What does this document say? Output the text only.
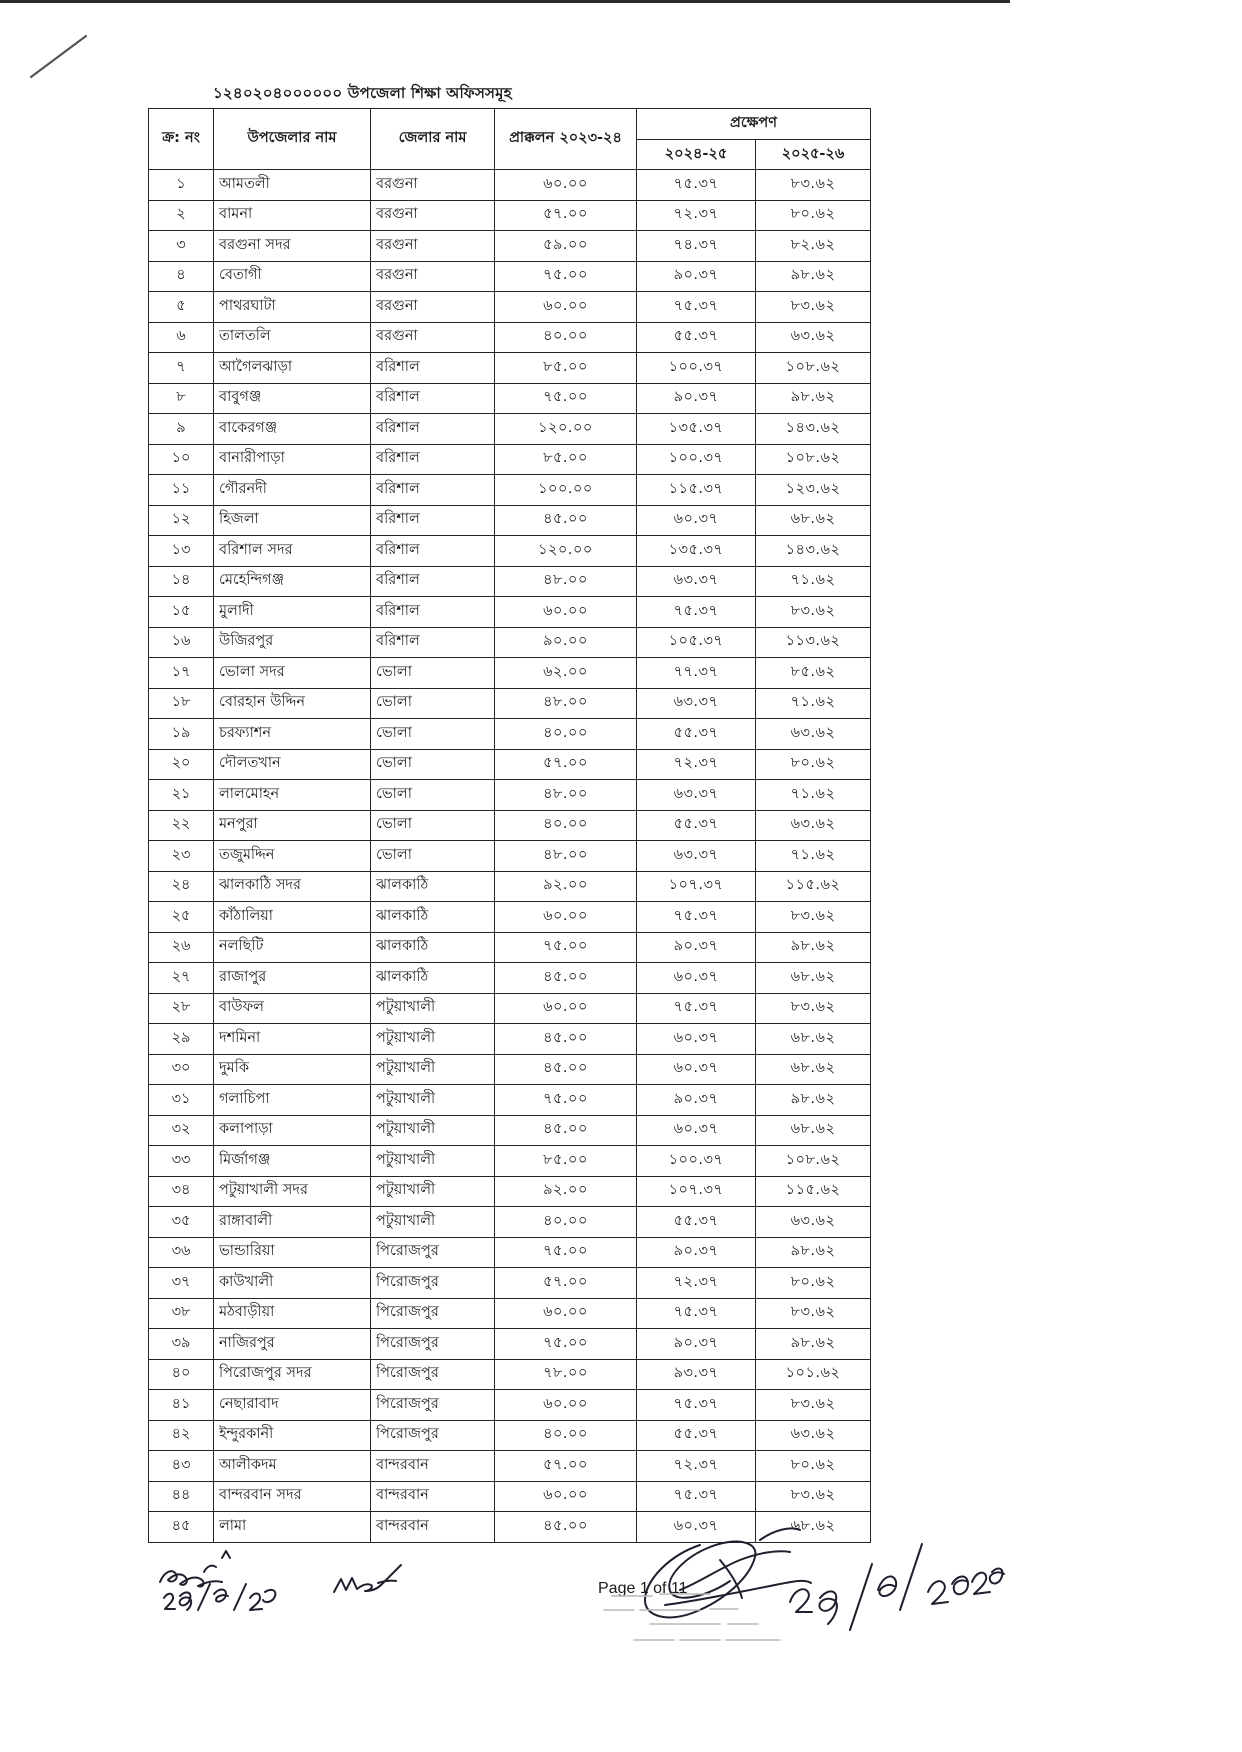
১২৪০২০৪০০০০০০ উপজেলা শিক্ষা অফিসসমূহ
ক্র: নং	উপজেলার নাম	জেলার নাম	প্রাক্কলন ২০২৩-২৪	প্রক্ষেপণ	
				২০২৪-২৫	২০২৫-২৬
১	আমতলী	বরগুনা	৬০.০০	৭৫.৩৭	৮৩.৬২
২	বামনা	বরগুনা	৫৭.০০	৭২.৩৭	৮০.৬২
৩	বরগুনা সদর	বরগুনা	৫৯.০০	৭৪.৩৭	৮২.৬২
৪	বেতাগী	বরগুনা	৭৫.০০	৯০.৩৭	৯৮.৬২
৫	পাথরঘাটা	বরগুনা	৬০.০০	৭৫.৩৭	৮৩.৬২
৬	তালতলি	বরগুনা	৪০.০০	৫৫.৩৭	৬৩.৬২
৭	আগৈলঝাড়া	বরিশাল	৮৫.০০	১০০.৩৭	১০৮.৬২
৮	বাবুগঞ্জ	বরিশাল	৭৫.০০	৯০.৩৭	৯৮.৬২
৯	বাকেরগঞ্জ	বরিশাল	১২০.০০	১৩৫.৩৭	১৪৩.৬২
১০	বানারীপাড়া	বরিশাল	৮৫.০০	১০০.৩৭	১০৮.৬২
১১	গৌরনদী	বরিশাল	১০০.০০	১১৫.৩৭	১২৩.৬২
১২	হিজলা	বরিশাল	৪৫.০০	৬০.৩৭	৬৮.৬২
১৩	বরিশাল সদর	বরিশাল	১২০.০০	১৩৫.৩৭	১৪৩.৬২
১৪	মেহেন্দিগঞ্জ	বরিশাল	৪৮.০০	৬৩.৩৭	৭১.৬২
১৫	মুলাদী	বরিশাল	৬০.০০	৭৫.৩৭	৮৩.৬২
১৬	উজিরপুর	বরিশাল	৯০.০০	১০৫.৩৭	১১৩.৬২
১৭	ভোলা সদর	ভোলা	৬২.০০	৭৭.৩৭	৮৫.৬২
১৮	বোরহান উদ্দিন	ভোলা	৪৮.০০	৬৩.৩৭	৭১.৬২
১৯	চরফ্যাশন	ভোলা	৪০.০০	৫৫.৩৭	৬৩.৬২
২০	দৌলতখান	ভোলা	৫৭.০০	৭২.৩৭	৮০.৬২
২১	লালমোহন	ভোলা	৪৮.০০	৬৩.৩৭	৭১.৬২
২২	মনপুরা	ভোলা	৪০.০০	৫৫.৩৭	৬৩.৬২
২৩	তজুমদ্দিন	ভোলা	৪৮.০০	৬৩.৩৭	৭১.৬২
২৪	ঝালকাঠি সদর	ঝালকাঠি	৯২.০০	১০৭.৩৭	১১৫.৬২
২৫	কাঁঠালিয়া	ঝালকাঠি	৬০.০০	৭৫.৩৭	৮৩.৬২
২৬	নলছিটি	ঝালকাঠি	৭৫.০০	৯০.৩৭	৯৮.৬২
২৭	রাজাপুর	ঝালকাঠি	৪৫.০০	৬০.৩৭	৬৮.৬২
২৮	বাউফল	পটুয়াখালী	৬০.০০	৭৫.৩৭	৮৩.৬২
২৯	দশমিনা	পটুয়াখালী	৪৫.০০	৬০.৩৭	৬৮.৬২
৩০	দুমকি	পটুয়াখালী	৪৫.০০	৬০.৩৭	৬৮.৬২
৩১	গলাচিপা	পটুয়াখালী	৭৫.০০	৯০.৩৭	৯৮.৬২
৩২	কলাপাড়া	পটুয়াখালী	৪৫.০০	৬০.৩৭	৬৮.৬২
৩৩	মির্জাগঞ্জ	পটুয়াখালী	৮৫.০০	১০০.৩৭	১০৮.৬২
৩৪	পটুয়াখালী সদর	পটুয়াখালী	৯২.০০	১০৭.৩৭	১১৫.৬২
৩৫	রাঙ্গাবালী	পটুয়াখালী	৪০.০০	৫৫.৩৭	৬৩.৬২
৩৬	ভান্ডারিয়া	পিরোজপুর	৭৫.০০	৯০.৩৭	৯৮.৬২
৩৭	কাউখালী	পিরোজপুর	৫৭.০০	৭২.৩৭	৮০.৬২
৩৮	মঠবাড়ীয়া	পিরোজপুর	৬০.০০	৭৫.৩৭	৮৩.৬২
৩৯	নাজিরপুর	পিরোজপুর	৭৫.০০	৯০.৩৭	৯৮.৬২
৪০	পিরোজপুর সদর	পিরোজপুর	৭৮.০০	৯৩.৩৭	১০১.৬২
৪১	নেছারাবাদ	পিরোজপুর	৬০.০০	৭৫.৩৭	৮৩.৬২
৪২	ইন্দুরকানী	পিরোজপুর	৪০.০০	৫৫.৩৭	৬৩.৬২
৪৩	আলীকদম	বান্দরবান	৫৭.০০	৭২.৩৭	৮০.৬২
৪৪	বান্দরবান সদর	বান্দরবান	৬০.০০	৭৫.৩৭	৮৩.৬২
৪৫	লামা	বান্দরবান	৪৫.০০	৬০.৩৭	৬৮.৬২
Page 1 of 11
